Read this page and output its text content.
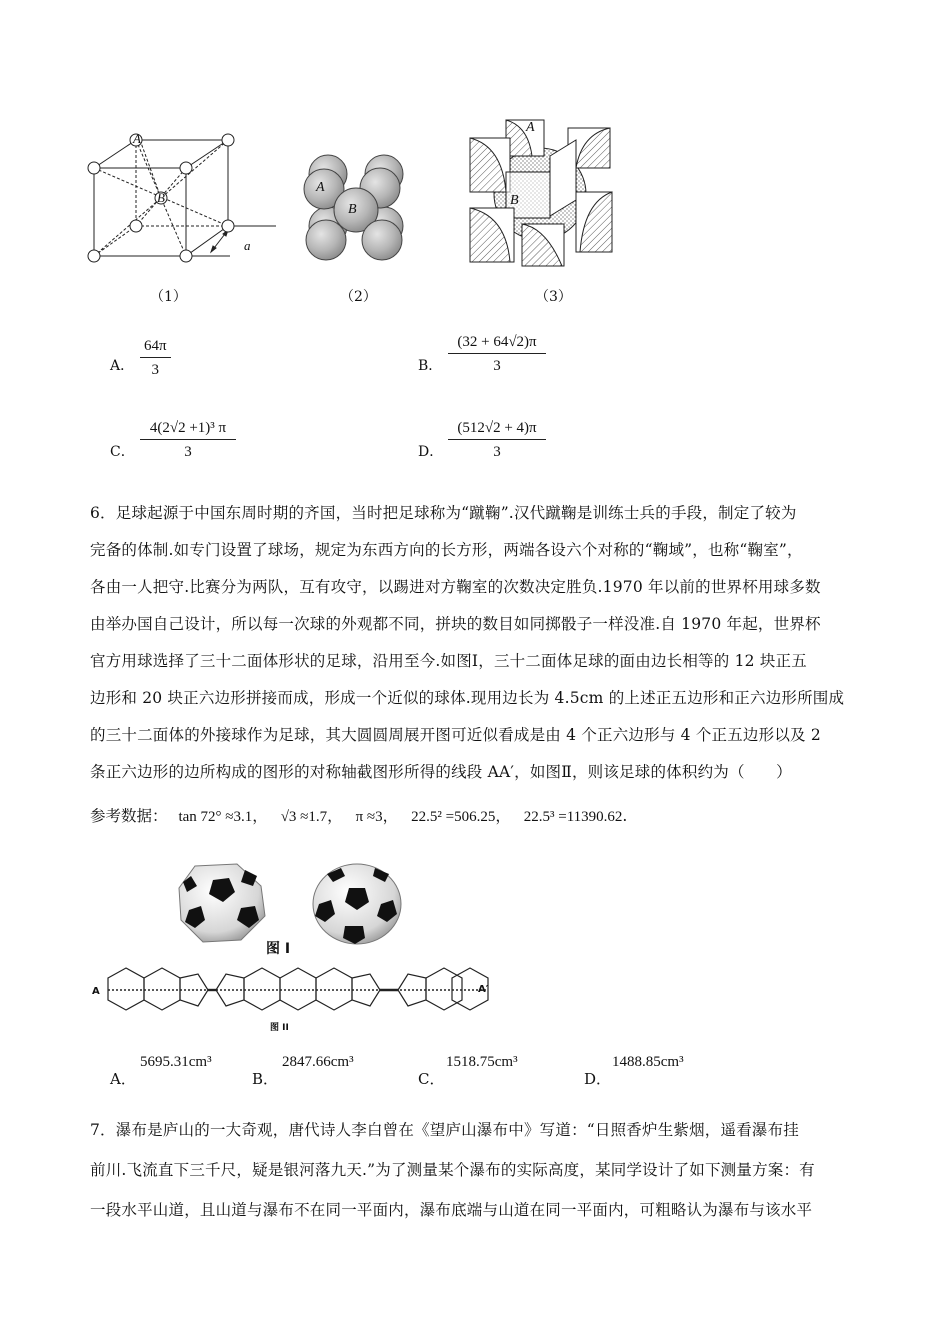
A
B
a
A
B
A
B
（1）	（2）	（3）
A．
64π
3	B．
(32 + 64√2)π
3
C．
4(2√2 +1)³ π
3	D．
(512√2 + 4)π
3

6．足球起源于中国东周时期的齐国，当时把足球称为“蹴鞠”.汉代蹴鞠是训练士兵的手段，制定了较为

完备的体制.如专门设置了球场，规定为东西方向的长方形，两端各设六个对称的“鞠域”，也称“鞠室”，

各由一人把守.比赛分为两队，互有攻守，以踢进对方鞠室的次数决定胜负.1970 年以前的世界杯用球多数

由举办国自己设计，所以每一次球的外观都不同，拼块的数目如同掷骰子一样没准.自 1970 年起，世界杯

官方用球选择了三十二面体形状的足球，沿用至今.如图Ⅰ，三十二面体足球的面由边长相等的 12 块正五

边形和 20 块正六边形拼接而成，形成一个近似的球体.现用边长为 4.5cm 的上述正五边形和正六边形所围成

的三十二面体的外接球作为足球，其大圆圆周展开图可近似看成是由 4 个正六边形与 4 个正五边形以及 2

条正六边形的边所构成的图形的对称轴截图形所得的线段 AA′，如图Ⅱ，则该足球的体积约为（　　）

参考数据： tan 72° ≈3.1， √3 ≈1.7， π ≈3， 22.5² =506.25， 22.5³ =11390.62.
图 I
A	A′
图 II
A．
5695.31cm³
B．
2847.66cm³
C．
1518.75cm³
D．
1488.85cm³

7．瀑布是庐山的一大奇观，唐代诗人李白曾在《望庐山瀑布中》写道：“日照香炉生紫烟，遥看瀑布挂

前川.飞流直下三千尺，疑是银河落九天.”为了测量某个瀑布的实际高度，某同学设计了如下测量方案：有

一段水平山道，且山道与瀑布不在同一平面内，瀑布底端与山道在同一平面内，可粗略认为瀑布与该水平
